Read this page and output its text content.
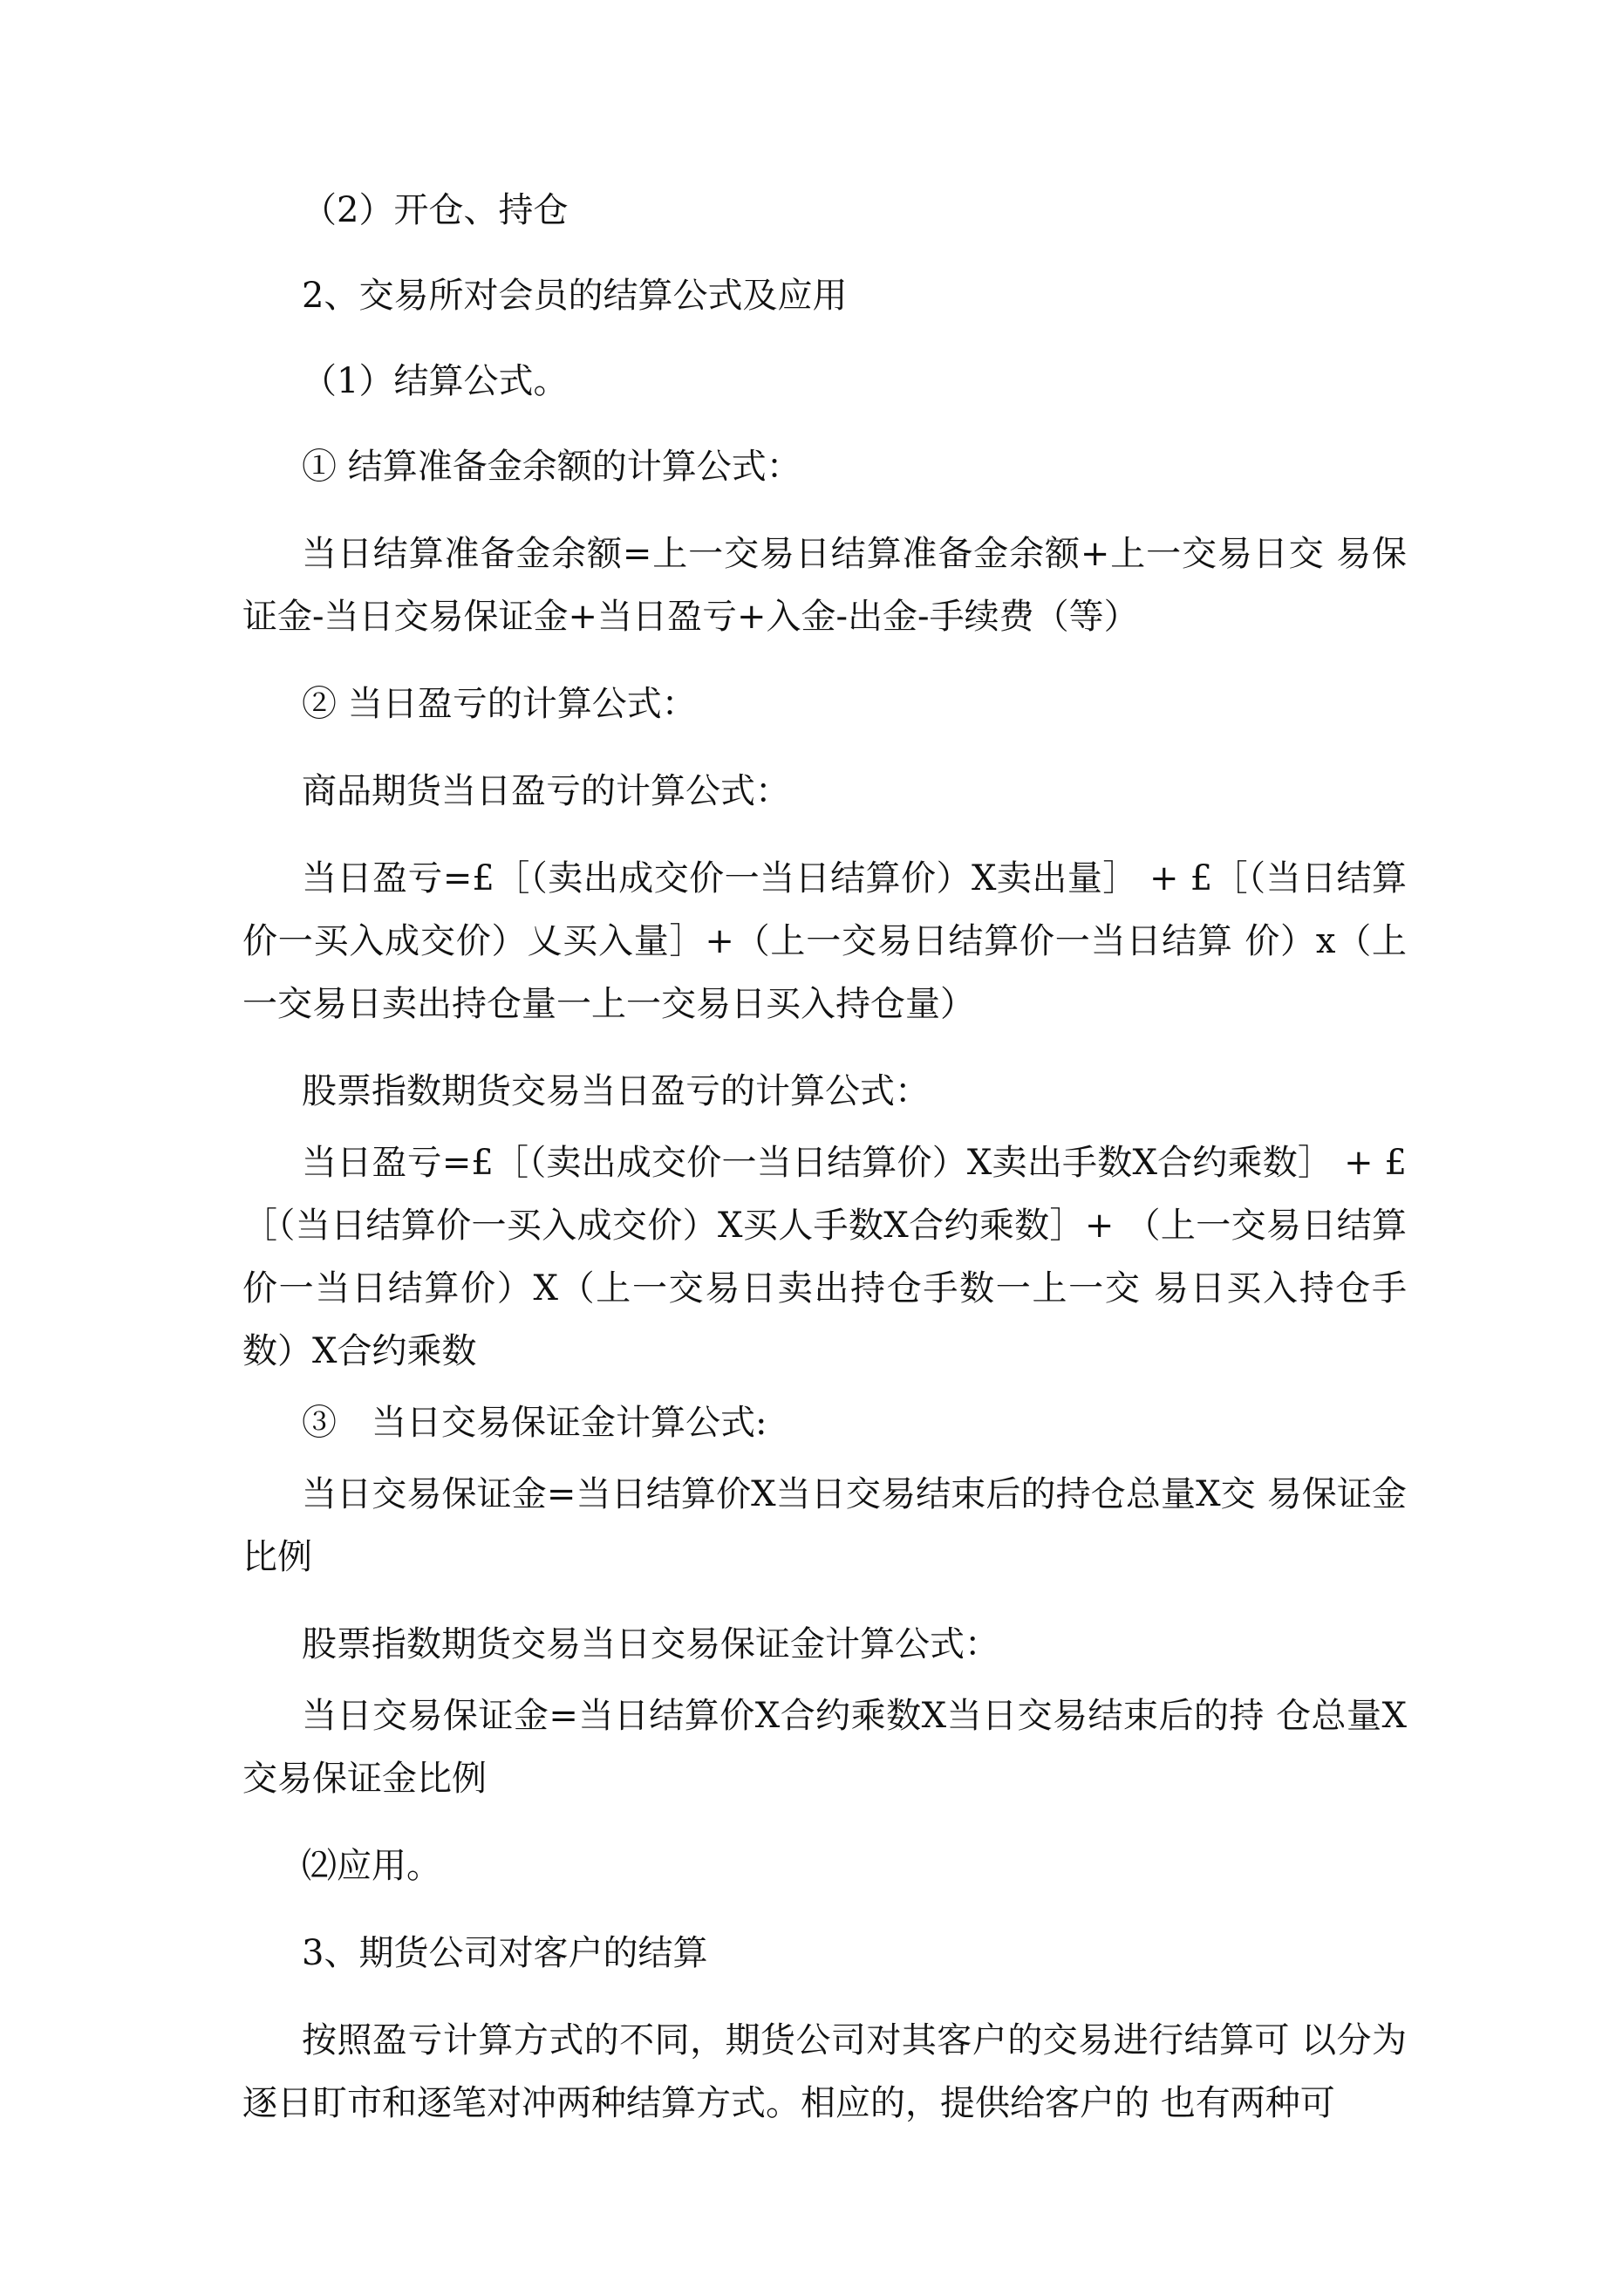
（2）开仓、持仓

2、交易所对会员的结算公式及应用

（1）结算公式。

① 结算准备金余额的计算公式：

当日结算准备金余额=上一交易日结算准备金余额+上一交易日交 易保证金-当日交易保证金+当日盈亏+入金-出金-手续费（等）

② 当日盈亏的计算公式：

商品期货当日盈亏的计算公式：

当日盈亏=£［（卖出成交价一当日结算价）X卖出量］ + £［（当日结算价一买入成交价）乂买入量］+（上一交易日结算价一当日结算 价）x（上一交易日卖出持仓量一上一交易日买入持仓量）

股票指数期货交易当日盈亏的计算公式：

当日盈亏=£［（卖出成交价一当日结算价）X卖出手数X合约乘数］ + £［（当日结算价一买入成交价）X买人手数X合约乘数］+ （上一交易日结算价一当日结算价）X（上一交易日卖出持仓手数一上一交 易日买入持仓手数）X合约乘数

③　当日交易保证金计算公式:

当日交易保证金=当日结算价X当日交易结束后的持仓总量X交 易保证金比例

股票指数期货交易当日交易保证金计算公式：

当日交易保证金=当日结算价X合约乘数X当日交易结束后的持 仓总量X交易保证金比例

⑵应用。

3、期货公司对客户的结算

按照盈亏计算方式的不同，期货公司对其客户的交易进行结算可 以分为逐日盯市和逐笔对冲两种结算方式。相应的，提供给客户的 也有两种可
